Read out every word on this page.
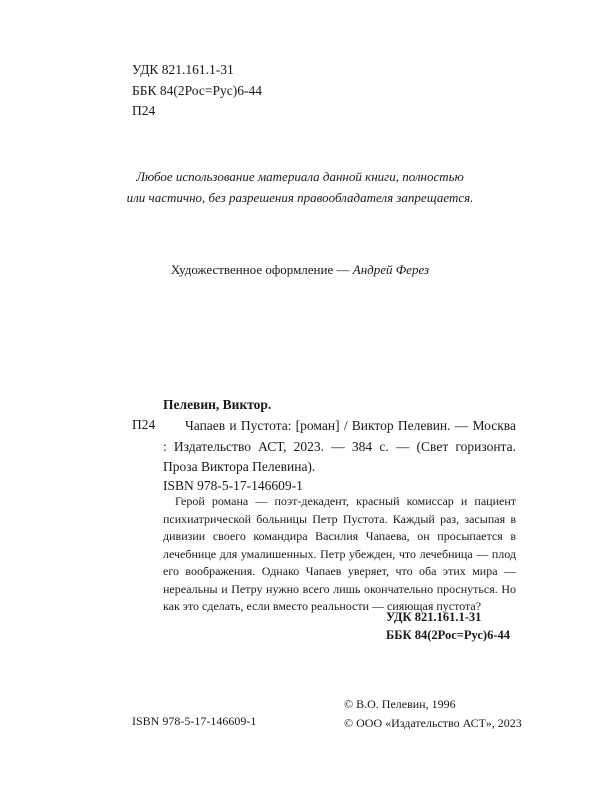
УДК 821.161.1-31
ББК 84(2Рос=Рус)6-44
П24
Любое использование материала данной книги, полностью
или частично, без разрешения правообладателя запрещается.
Художественное оформление — Андрей Ферез
Пелевин, Виктор.
П24	Чапаев и Пустота: [роман] / Виктор Пелевин. — Москва : Издательство АСТ, 2023. — 384 с. — (Свет горизонта. Проза Виктора Пелевина).
ISBN 978-5-17-146609-1
Герой романа — поэт-декадент, красный комиссар и пациент психиатрической больницы Петр Пустота. Каждый раз, засыпая в дивизии своего командира Василия Чапаева, он просыпается в лечебнице для умалишенных. Петр убежден, что лечебница — плод его воображения. Однако Чапаев уверяет, что оба этих мира — нереальны и Петру нужно всего лишь окончательно проснуться. Но как это сделать, если вместо реальности — сияющая пустота?
УДК 821.161.1-31
ББК 84(2Рос=Рус)6-44
© В.О. Пелевин, 1996
© ООО «Издательство АСТ», 2023
ISBN 978-5-17-146609-1
